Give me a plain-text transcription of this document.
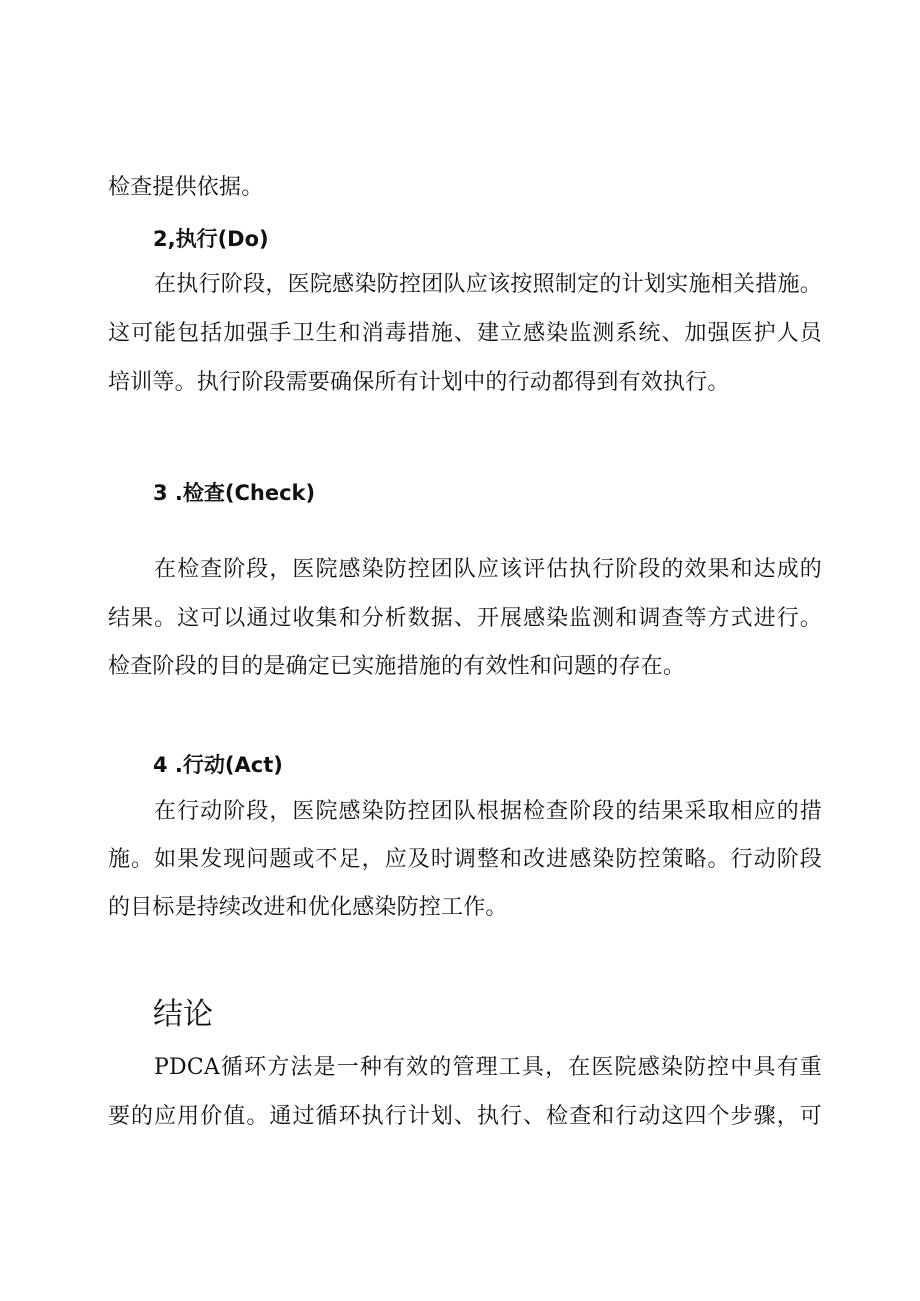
检查提供依据。
2,执行(Do)
在执行阶段，医院感染防控团队应该按照制定的计划实施相关措施。
这可能包括加强手卫生和消毒措施、建立感染监测系统、加强医护人员
培训等。执行阶段需要确保所有计划中的行动都得到有效执行。
3 .检查(Check)
在检查阶段，医院感染防控团队应该评估执行阶段的效果和达成的
结果。这可以通过收集和分析数据、开展感染监测和调查等方式进行。
检查阶段的目的是确定已实施措施的有效性和问题的存在。
4 .行动(Act)
在行动阶段，医院感染防控团队根据检查阶段的结果采取相应的措
施。如果发现问题或不足，应及时调整和改进感染防控策略。行动阶段
的目标是持续改进和优化感染防控工作。
结论
PDCA循环方法是一种有效的管理工具，在医院感染防控中具有重
要的应用价值。通过循环执行计划、执行、检查和行动这四个步骤，可
